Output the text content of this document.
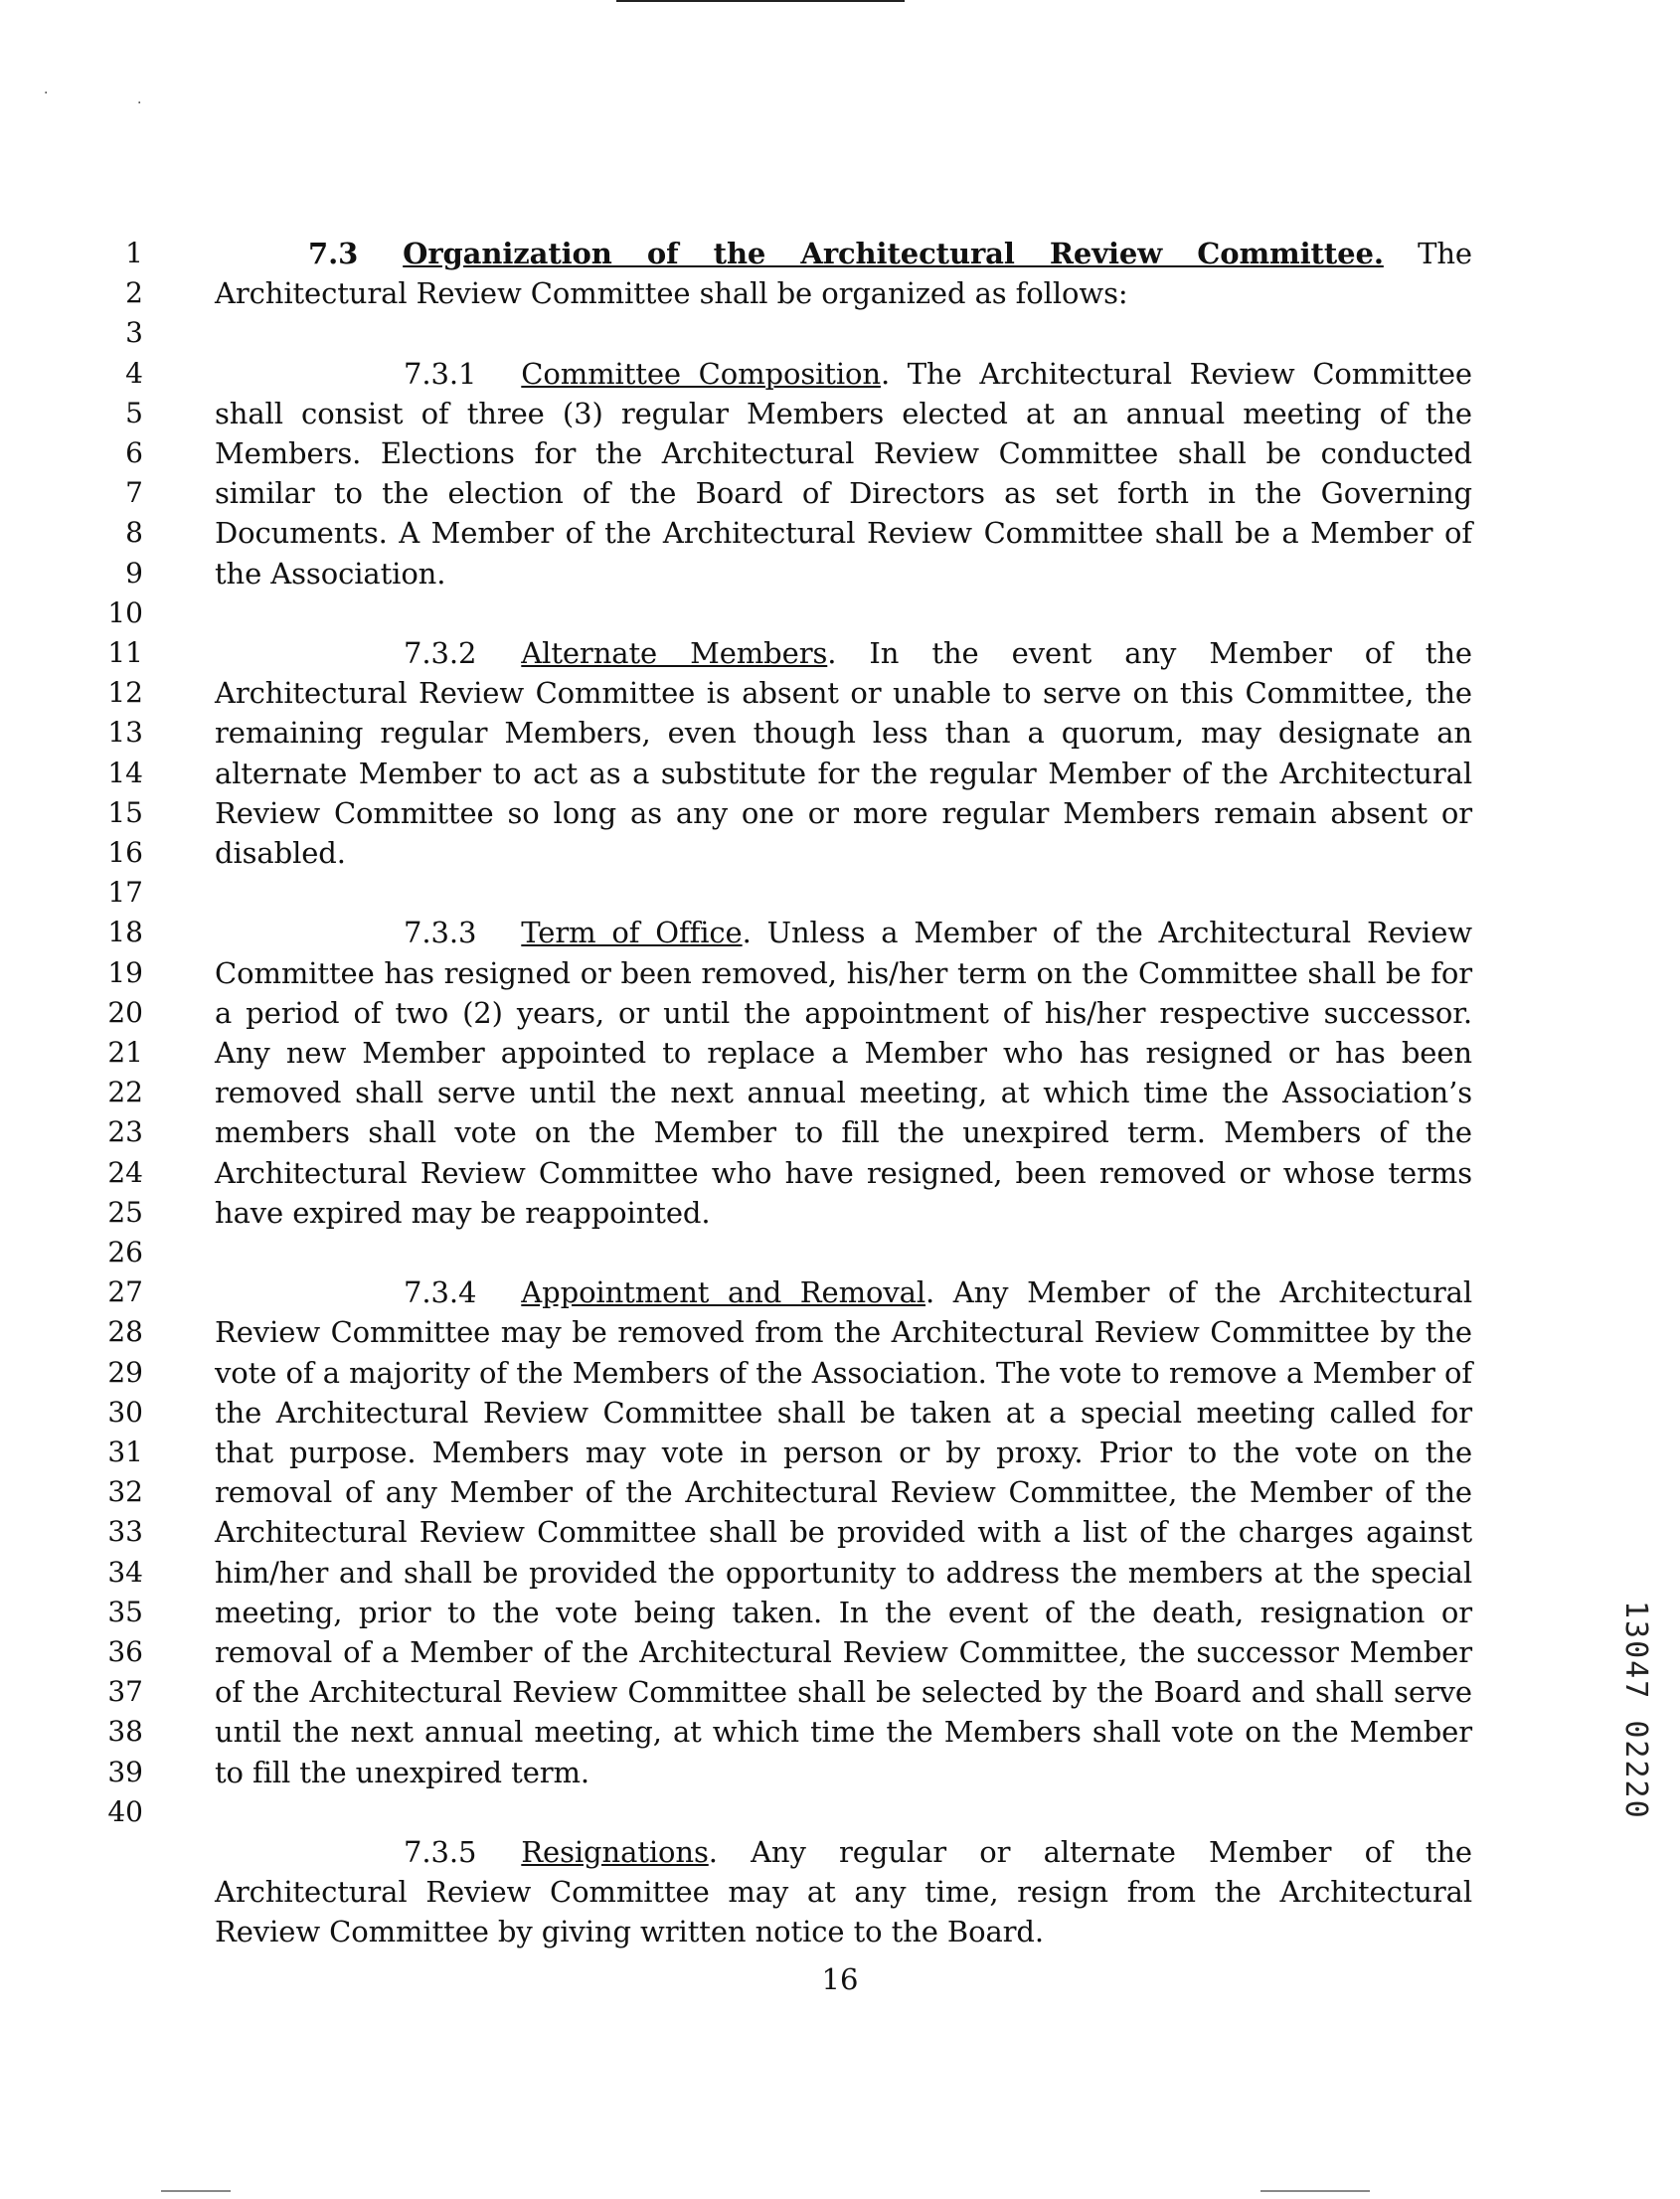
·
·
1
2
3
4
5
6
7
8
9
10
11
12
13
14
15
16
17
18
19
20
21
22
23
24
25
26
27
28
29
30
31
32
33
34
35
36
37
38
39
40

7.3 Organization of the Architectural Review Committee. The Architectural Review Committee shall be organized as follows:

7.3.1 Committee Composition. The Architectural Review Committee shall consist of three (3) regular Members elected at an annual meeting of the Members. Elections for the Architectural Review Committee shall be conducted similar to the election of the Board of Directors as set forth in the Governing Documents. A Member of the Architectural Review Committee shall be a Member of the Association.

7.3.2 Alternate Members. In the event any Member of the Architectural Review Committee is absent or unable to serve on this Committee, the remaining regular Members, even though less than a quorum, may designate an alternate Member to act as a substitute for the regular Member of the Architectural Review Committee so long as any one or more regular Members remain absent or disabled.

7.3.3 Term of Office. Unless a Member of the Architectural Review Committee has resigned or been removed, his/her term on the Committee shall be for a period of two (2) years, or until the appointment of his/her respective successor. Any new Member appointed to replace a Member who has resigned or has been removed shall serve until the next annual meeting, at which time the Association’s members shall vote on the Member to fill the unexpired term. Members of the Architectural Review Committee who have resigned, been removed or whose terms have expired may be reappointed.

7.3.4 Appointment and Removal. Any Member of the Architectural Review Committee may be removed from the Architectural Review Committee by the vote of a majority of the Members of the Association. The vote to remove a Member of the Architectural Review Committee shall be taken at a special meeting called for that purpose. Members may vote in person or by proxy. Prior to the vote on the removal of any Member of the Architectural Review Committee, the Member of the Architectural Review Committee shall be provided with a list of the charges against him/her and shall be provided the opportunity to address the members at the special meeting, prior to the vote being taken. In the event of the death, resignation or removal of a Member of the Architectural Review Committee, the successor Member of the Architectural Review Committee shall be selected by the Board and shall serve until the next annual meeting, at which time the Members shall vote on the Member to fill the unexpired term.

7.3.5 Resignations. Any regular or alternate Member of the Architectural Review Committee may at any time, resign from the Architectural Review Committee by giving written notice to the Board.

16
13047 02220
